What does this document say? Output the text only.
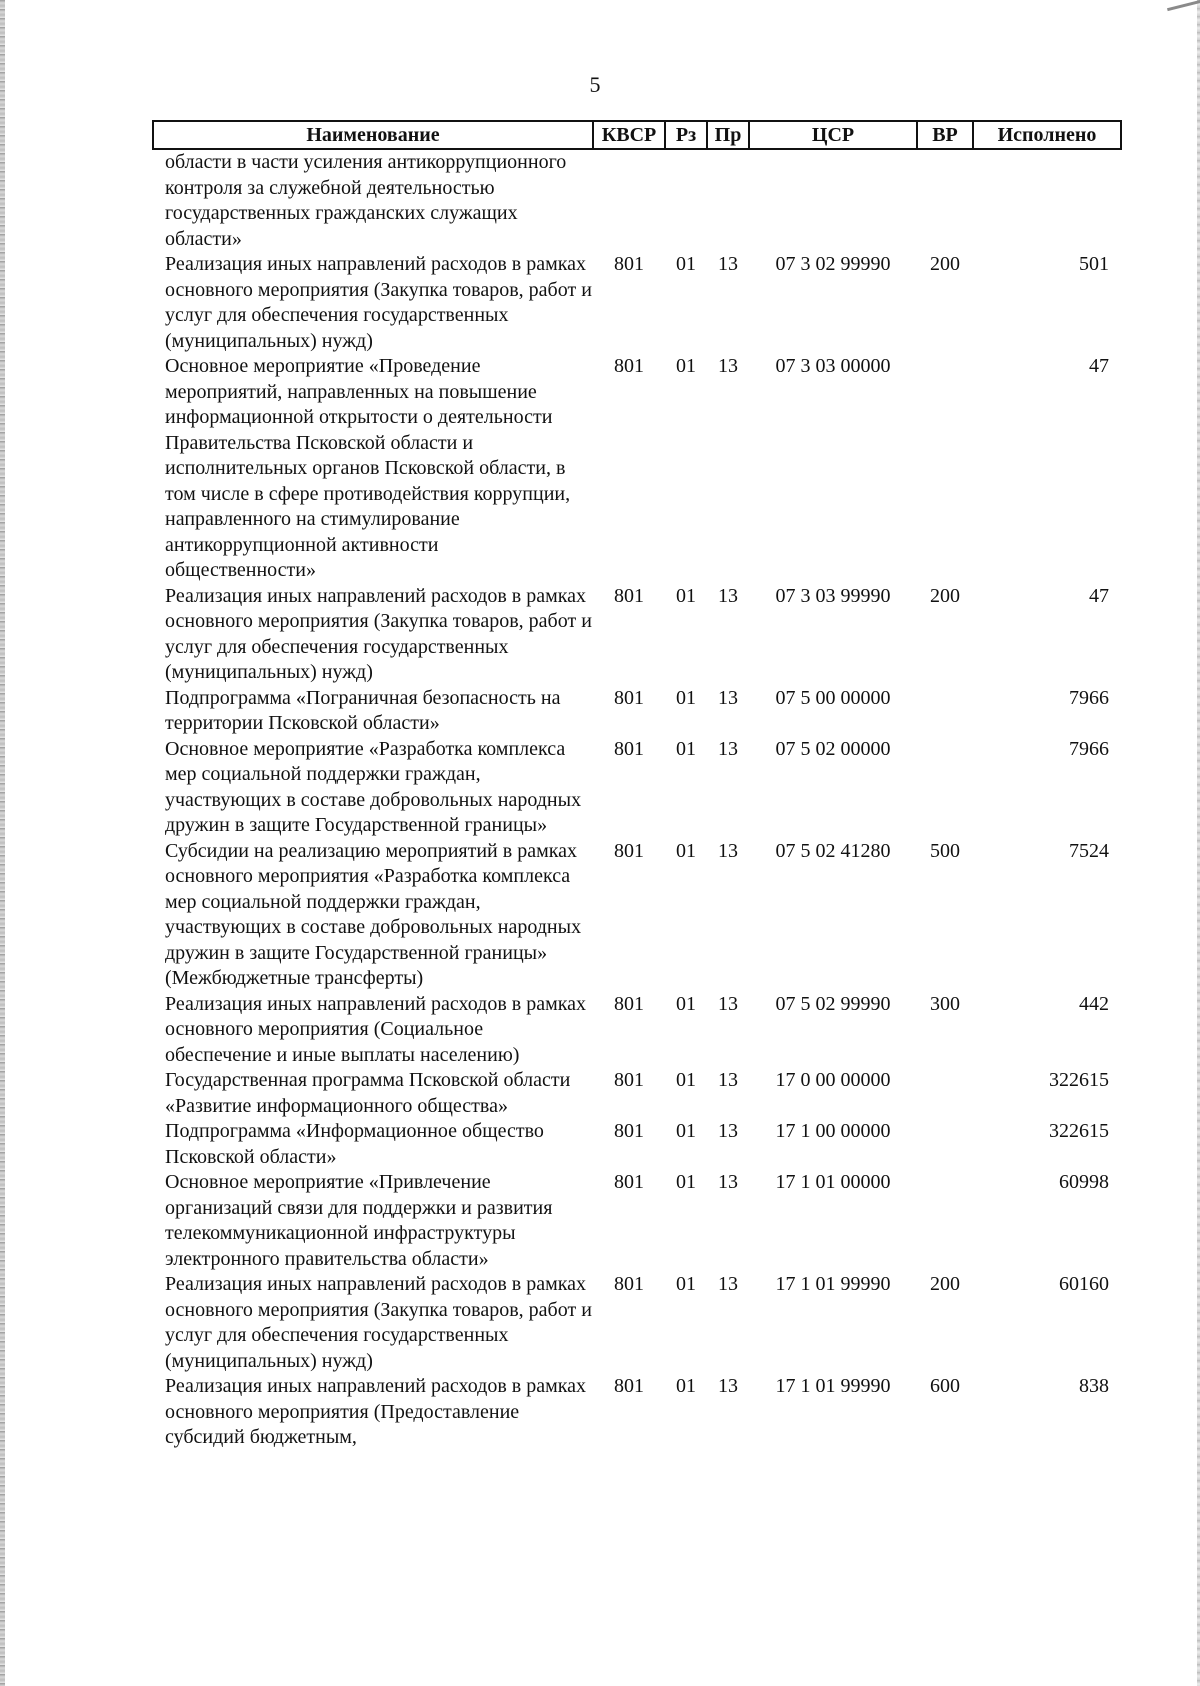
5
Наименование	КВСР	Рз	Пр	ЦСР	ВР	Исполнено
области в части усиления антикоррупционного контроля за служебной деятельностью государственных гражданских служащих области»						
Реализация иных направлений расходов в рамках основного мероприятия (Закупка товаров, работ и услуг для обеспечения государственных (муниципальных) нужд)	801	01	13	07 3 02 99990	200	501
Основное мероприятие «Проведение мероприятий, направленных на повышение информационной открытости о деятельности Правительства Псковской области и исполнительных органов Псковской области, в том числе в сфере противодействия коррупции, направленного на стимулирование антикоррупционной активности общественности»	801	01	13	07 3 03 00000		47
Реализация иных направлений расходов в рамках основного мероприятия (Закупка товаров, работ и услуг для обеспечения государственных (муниципальных) нужд)	801	01	13	07 3 03 99990	200	47
Подпрограмма «Пограничная безопасность на территории Псковской области»	801	01	13	07 5 00 00000		7966
Основное мероприятие «Разработка комплекса мер социальной поддержки граждан, участвующих в составе добровольных народных дружин в защите Государственной границы»	801	01	13	07 5 02 00000		7966
Субсидии на реализацию мероприятий в рамках основного мероприятия «Разработка комплекса мер социальной поддержки граждан, участвующих в составе добровольных народных дружин в защите Государственной границы» (Межбюджетные трансферты)	801	01	13	07 5 02 41280	500	7524
Реализация иных направлений расходов в рамках основного мероприятия (Социальное обеспечение и иные выплаты населению)	801	01	13	07 5 02 99990	300	442
Государственная программа Псковской области «Развитие информационного общества»	801	01	13	17 0 00 00000		322615
Подпрограмма «Информационное общество Псковской области»	801	01	13	17 1 00 00000		322615
Основное мероприятие «Привлечение организаций связи для поддержки и развития телекоммуникационной инфраструктуры электронного правительства области»	801	01	13	17 1 01 00000		60998
Реализация иных направлений расходов в рамках основного мероприятия (Закупка товаров, работ и услуг для обеспечения государственных (муниципальных) нужд)	801	01	13	17 1 01 99990	200	60160
Реализация иных направлений расходов в рамках основного мероприятия (Предоставление субсидий бюджетным,	801	01	13	17 1 01 99990	600	838
